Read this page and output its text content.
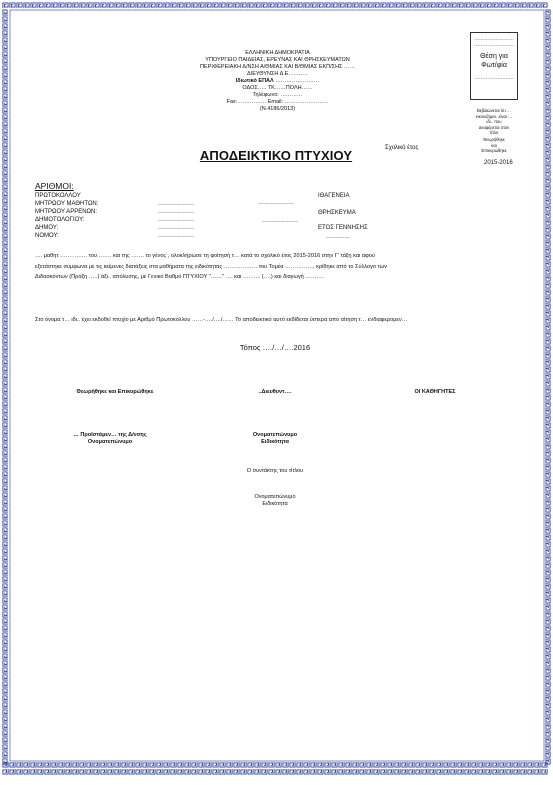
ΕΛΛΗΝΙΚΗ ΔΗΜΟΚΡΑΤΙΑ
ΥΠΟΥΡΓΕΙΟ ΠΑΙΔΕΙΑΣ, ΕΡΕΥΝΑΣ ΚΑΙ ΘΡΗΣΚΕΥΜΑΤΩΝ
ΠΕΡΙΦΕΡΕΙΑΚΗ Δ/ΝΣΗ Α/ΘΜΙΑΣ ΚΑΙ Β/ΘΜΙΑΣ ΕΚΠ/ΣΗΣ ……
ΔΙΕΥΘΥΝΣΗ Δ.Ε. ………
Ιδιωτικό ΕΠΑΛ ……………………
ΟΔΟΣ….. ΤΚ……ΠΟΛΗ……
Τηλέφωνο: …………
Fax: …………… Email: ……………………
(Ν.4186/2013)
……………………
……………………
Θέση για
Φωτ/φία
……………………
Βεβαιώνεται ότι …
εικονιζόμεν. είναι …
ιδι.. που
αναφέρεται στον
τίτλο
Θεωρήθηκε
και
Επικυρώθηκε
2015-2016
Σχολικό έτος
ΑΠΟΔΕΙΚΤΙΚΟ ΠΤΥΧΙΟΥ
ΑΡΙΘΜΟΙ:
ΠΡΩΤΟΚΟΛΛΟΥ
ΜΗΤΡΩΟΥ ΜΑΘΗΤΩΝ:
ΜΗΤΡΩΟΥ ΑΡΡΕΝΩΝ:
ΔΗΜΟΤΟΛΟΓΙΟΥ:
ΔΗΜΟΥ:
ΝΟΜΟΥ:
………………
………………
………………
………………
………………
………………
………………
ΙΘΑΓΕΝΕΙΑ
ΘΡΗΣΚΕΥΜΑ
ΕΤΟΣ ΓΕΝΝΗΣΗΣ
…………
…. μαθητ ……. ……. του ……. και της ……. το γένος , ολοκλήρωσε τη φοίτησή τ… κατά το σχολικό έτος 2015-2016 στην Γ' τάξη και αφού
εξετάστηκε σύμφωνα με τις κείμενες διατάξεις στα μαθήματα της ειδικότητας ……………… του Τομέα ……………, κρίθηκε από το Σύλλογο των
Διδασκόντων (Πράξη …..) άξι.. απόλυσης, με Γενικό Βαθμό ΠΤΥΧΙΟΥ "……" …. και …. ….. (….) και διαγωγή ……….
Στο όνομα τ… ιδι.. έχει εκδοθεί πτυχίο με Αριθμό Πρωτοκόλλου ……-…./…./…… Το αποδεικτικό αυτό εκδίδεται ύστερα από αίτηση τ… ενδιαφερομεν…
Τόπος …./…/….2016
Θεωρήθηκε και Επικυρώθηκε	..Διευθυντ….	ΟΙ ΚΑΘΗΓΗΤΕΣ
… Προϊστάμεν… της Δ/νσης
Ονοματεπώνυμο
Ονοματεπώνυμο
Ειδικότητα
Ο συντάκτης του τίτλου
Ονοματεπώνυμο
Ειδικότητα
